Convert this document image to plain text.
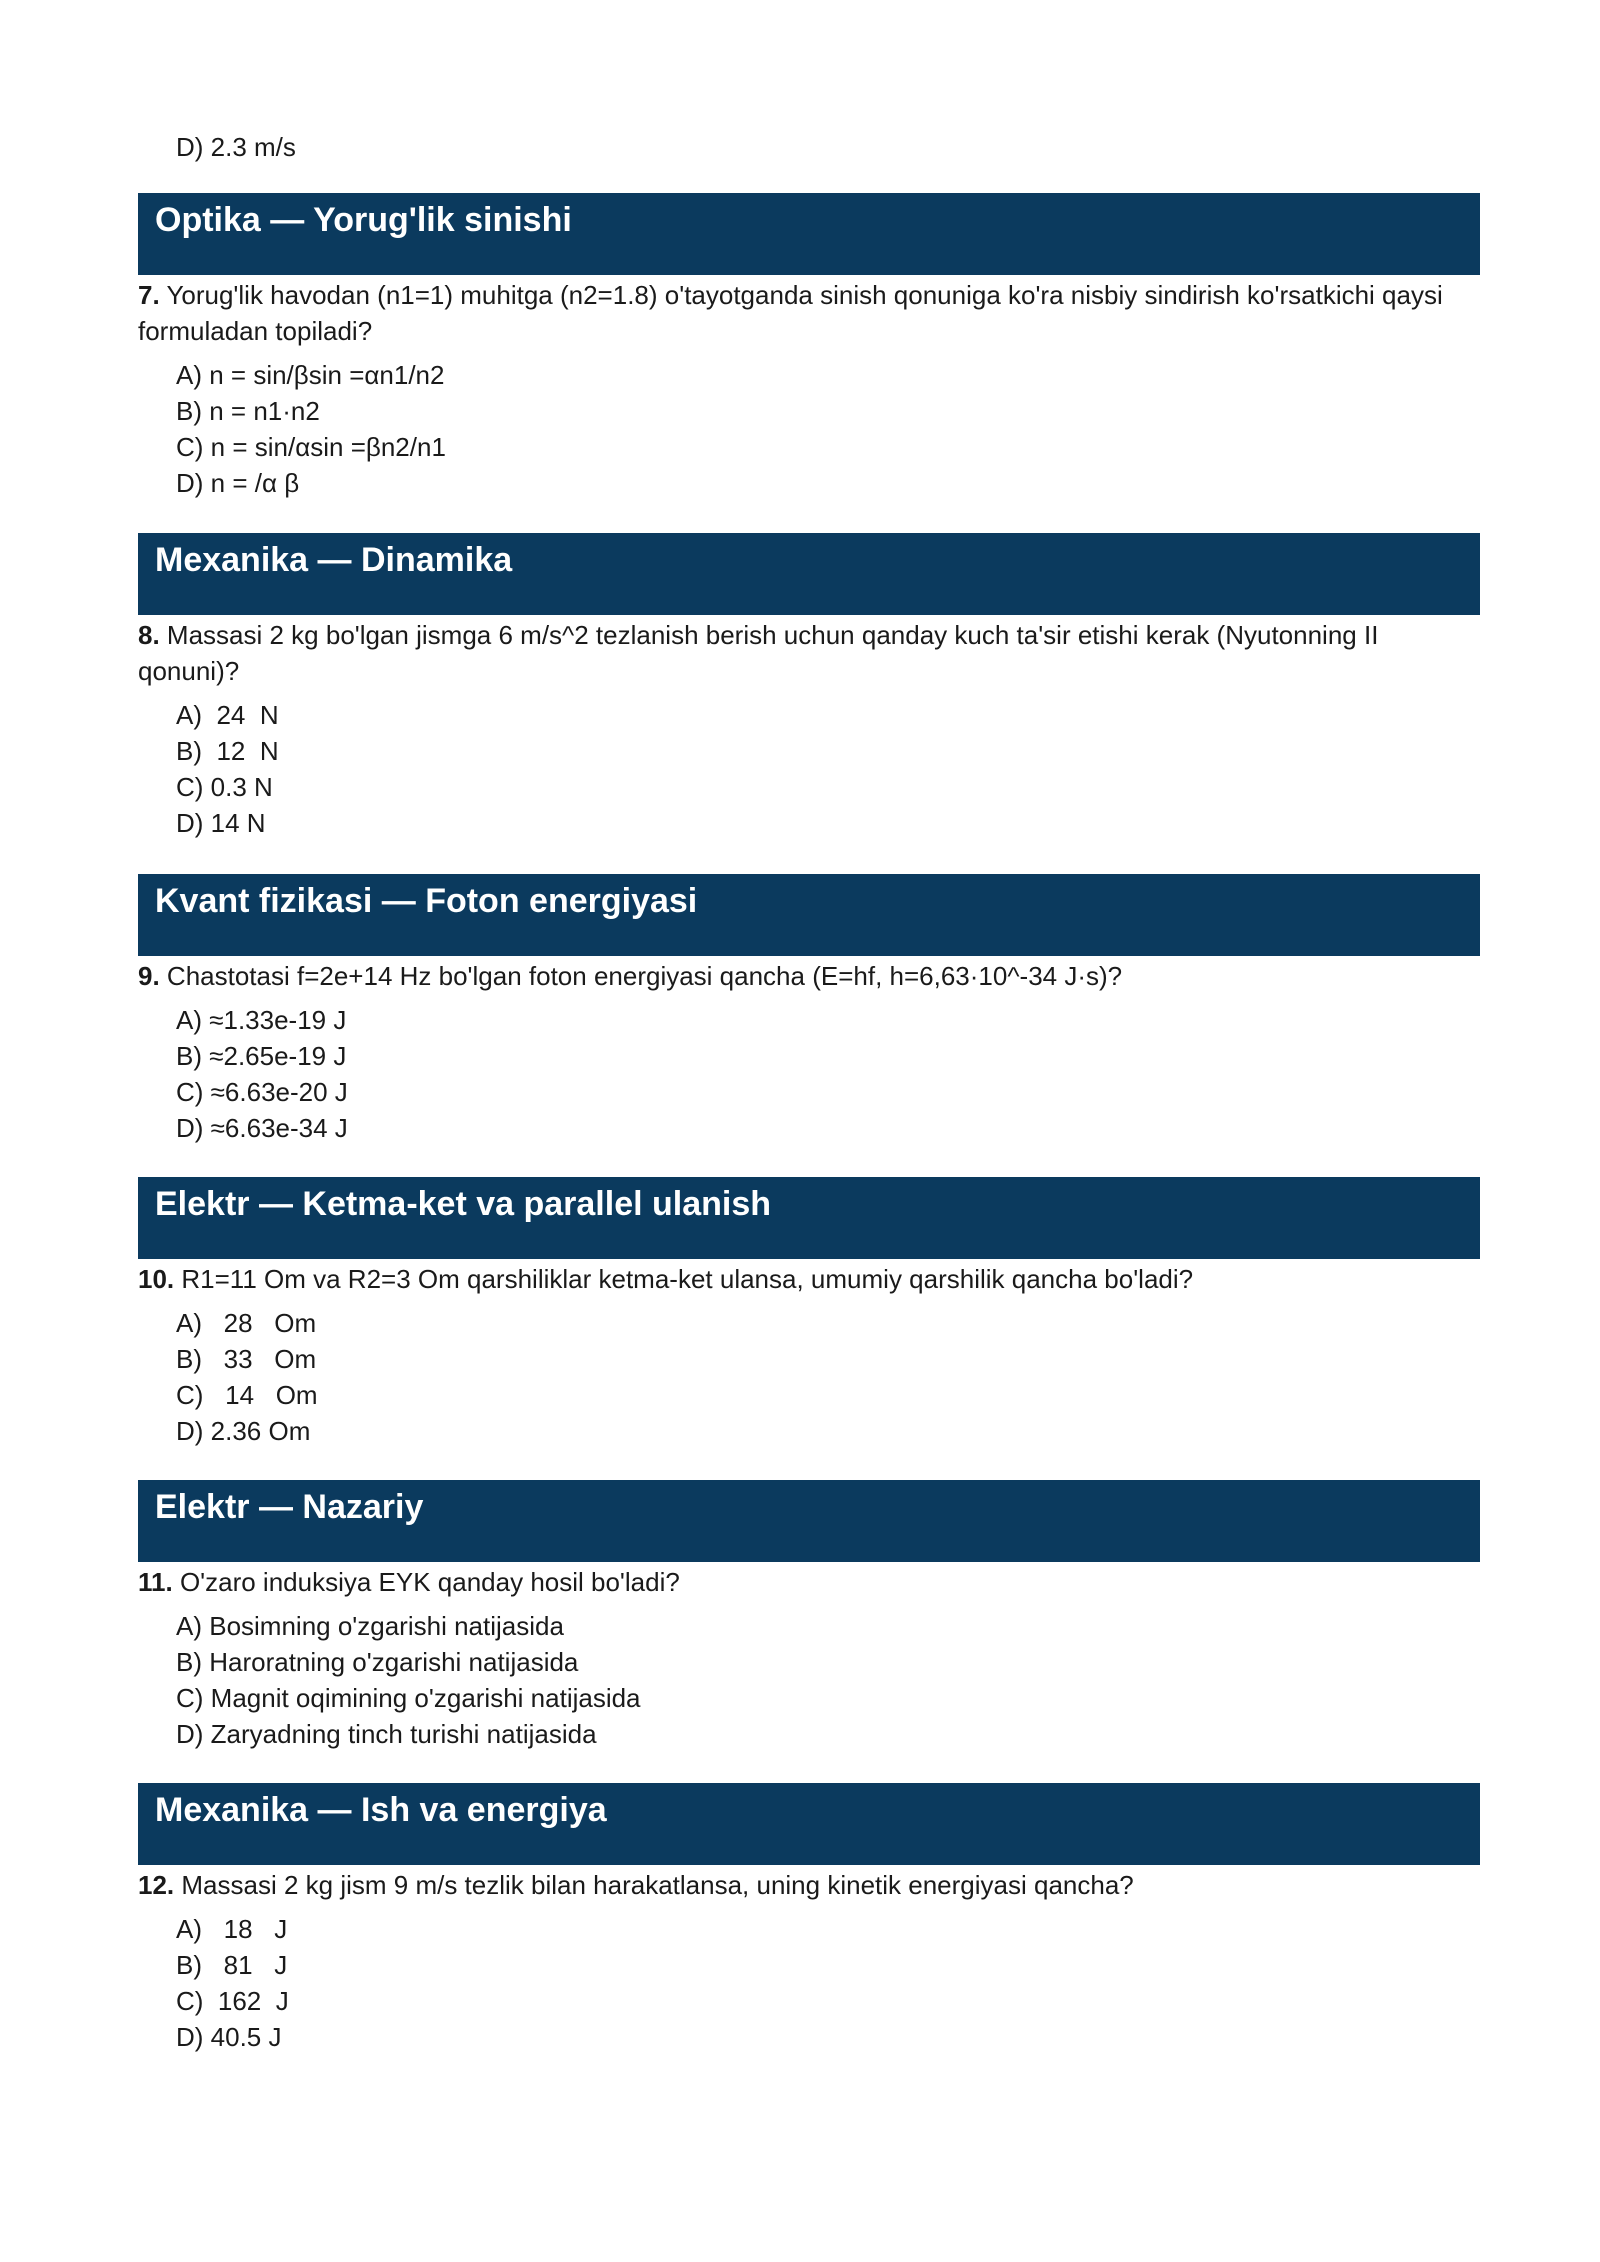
D) 2.3 m/s
Optika — Yorug'lik sinishi
7. Yorug'lik havodan (n1=1) muhitga (n2=1.8) o'tayotganda sinish qonuniga ko'ra nisbiy sindirish ko'rsatkichi qaysi formuladan topiladi?
A) n = sin/βsin =αn1/n2
B) n = n1·n2
C) n = sin/αsin =βn2/n1
D) n = /α β
Mexanika — Dinamika
8. Massasi 2 kg bo'lgan jismga 6 m/s^2 tezlanish berish uchun qanday kuch ta'sir etishi kerak (Nyutonning II qonuni)?
A)  24  N
B)  12  N
C) 0.3 N
D) 14 N
Kvant fizikasi — Foton energiyasi
9. Chastotasi f=2e+14 Hz bo'lgan foton energiyasi qancha (E=hf, h=6,63·10^-34 J·s)?
A) ≈1.33e-19 J
B) ≈2.65e-19 J
C) ≈6.63e-20 J
D) ≈6.63e-34 J
Elektr — Ketma-ket va parallel ulanish
10. R1=11 Om va R2=3 Om qarshiliklar ketma-ket ulansa, umumiy qarshilik qancha bo'ladi?
A)   28   Om
B)   33   Om
C)   14   Om
D) 2.36 Om
Elektr — Nazariy
11. O'zaro induksiya EYK qanday hosil bo'ladi?
A) Bosimning o'zgarishi natijasida
B) Haroratning o'zgarishi natijasida
C) Magnit oqimining o'zgarishi natijasida
D) Zaryadning tinch turishi natijasida
Mexanika — Ish va energiya
12. Massasi 2 kg jism 9 m/s tezlik bilan harakatlansa, uning kinetik energiyasi qancha?
A)   18   J
B)   81   J
C)  162  J
D) 40.5 J
